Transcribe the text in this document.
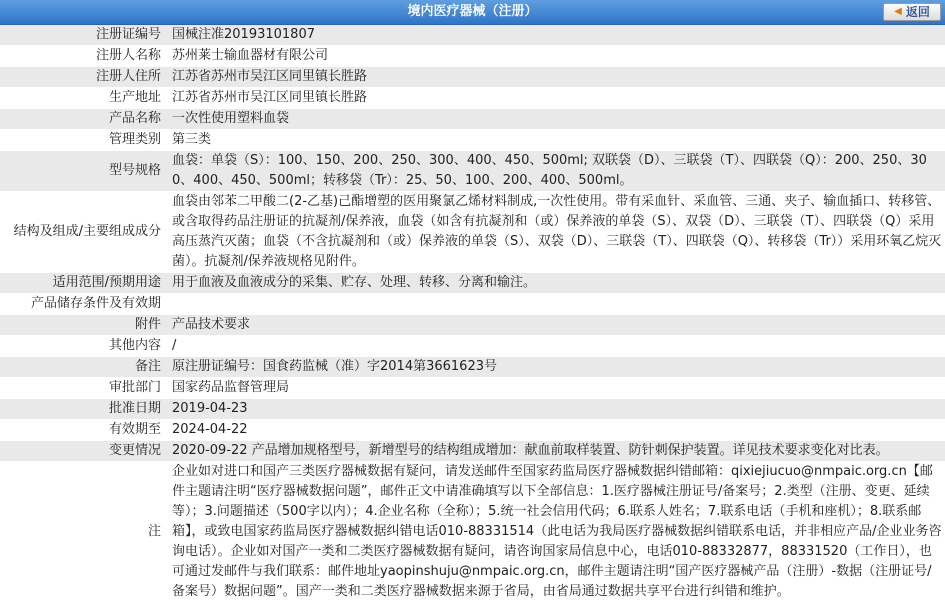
境内医疗器械（注册）	◀ 返回
注册证编号	国械注准20193101807
注册人名称	苏州莱士输血器材有限公司
注册人住所	江苏省苏州市吴江区同里镇长胜路
生产地址	江苏省苏州市吴江区同里镇长胜路
产品名称	一次性使用塑料血袋
管理类别	第三类
型号规格	血袋：单袋（S）：100、150、200、250、300、400、450、500ml; 双联袋（D）、三联袋（T）、四联袋（Q）：200、250、300、400、450、500ml；转移袋（Tr）：25、50、100、200、400、500ml。
结构及组成/主要组成成分	血袋由邻苯二甲酸二(2-乙基)己酯增塑的医用聚氯乙烯材料制成,一次性使用。带有采血针、采血管、三通、夹子、输血插口、转移管、或含取得药品注册证的抗凝剂/保养液，血袋（如含有抗凝剂和（或）保养液的单袋（S）、双袋（D）、三联袋（T）、四联袋（Q）采用高压蒸汽灭菌；血袋（不含抗凝剂和（或）保养液的单袋（S）、双袋（D）、三联袋（T）、四联袋（Q）、转移袋（Tr））采用环氧乙烷灭菌）。抗凝剂/保养液规格见附件。
适用范围/预期用途	用于血液及血液成分的采集、贮存、处理、转移、分离和输注。
产品储存条件及有效期	
附件	产品技术要求
其他内容	/
备注	原注册证编号：国食药监械（准）字2014第3661623号
审批部门	国家药品监督管理局
批准日期	2019-04-23
有效期至	2024-04-22
变更情况	2020-09-22 产品增加规格型号，新增型号的结构组成增加：献血前取样装置、防针刺保护装置。详见技术要求变化对比表。
注	企业如对进口和国产三类医疗器械数据有疑问，请发送邮件至国家药监局医疗器械数据纠错邮箱：qixiejiucuo@nmpaic.org.cn【邮件主题请注明“医疗器械数据问题”，邮件正文中请准确填写以下全部信息：1.医疗器械注册证号/备案号；2.类型（注册、变更、延续等）；3.问题描述（500字以内）；4.企业名称（全称）；5.统一社会信用代码；6.联系人姓名；7.联系电话（手机和座机）；8.联系邮箱】，或致电国家药监局医疗器械数据纠错电话010-88331514（此电话为我局医疗器械数据纠错联系电话，并非相应产品/企业业务咨询电话）。企业如对国产一类和二类医疗器械数据有疑问，请咨询国家局信息中心，电话010-88332877，88331520（工作日），也可通过发邮件与我们联系：邮件地址yaopinshuju@nmpaic.org.cn，邮件主题请注明“国产医疗器械产品（注册）-数据（注册证号/备案号）数据问题”。国产一类和二类医疗器械数据来源于省局，由省局通过数据共享平台进行纠错和维护。
